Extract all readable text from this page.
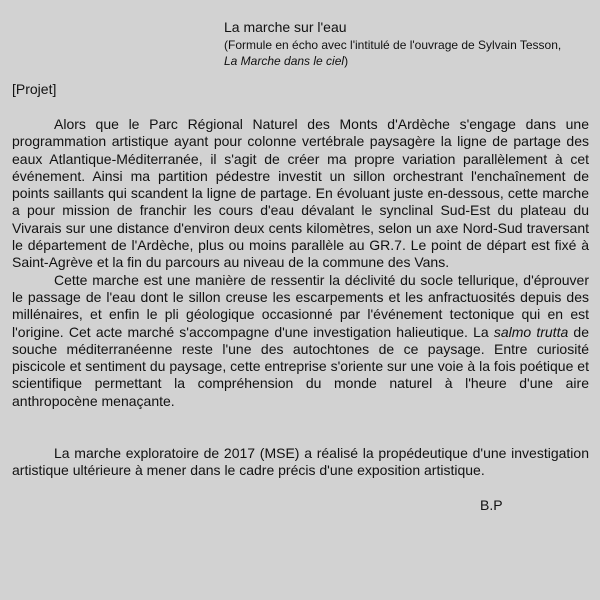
La marche sur l'eau
(Formule en écho avec l'intitulé de l'ouvrage de Sylvain Tesson, La Marche dans le ciel)
[Projet]

Alors que le Parc Régional Naturel des Monts d'Ardèche s'engage dans une programmation artistique ayant pour colonne vertébrale paysagère la ligne de partage des eaux Atlantique-Méditerranée, il s'agit de créer ma propre variation parallèlement à cet événement. Ainsi ma partition pédestre investit un sillon orchestrant l'enchaînement de points saillants qui scandent la ligne de partage. En évoluant juste en-dessous, cette marche a pour mission de franchir les cours d'eau dévalant le synclinal Sud-Est du plateau du Vivarais sur une distance d'environ deux cents kilomètres, selon un axe Nord-Sud traversant le département de l'Ardèche, plus ou moins parallèle au GR.7. Le point de départ est fixé à Saint-Agrève et la fin du parcours au niveau de la commune des Vans.

Cette marche est une manière de ressentir la déclivité du socle tellurique, d'éprouver le passage de l'eau dont le sillon creuse les escarpements et les anfractuosités depuis des millénaires, et enfin le pli géologique occasionné par l'événement tectonique qui en est l'origine. Cet acte marché s'accompagne d'une investigation halieutique. La salmo trutta de souche méditerranéenne reste l'une des autochtones de ce paysage. Entre curiosité piscicole et sentiment du paysage, cette entreprise s'oriente sur une voie à la fois poétique et scientifique permettant la compréhension du monde naturel à l'heure d'une aire anthropocène menaçante.

La marche exploratoire de 2017 (MSE) a réalisé la propédeutique d'une investigation artistique ultérieure à mener dans le cadre précis d'une exposition artistique.

B.P
